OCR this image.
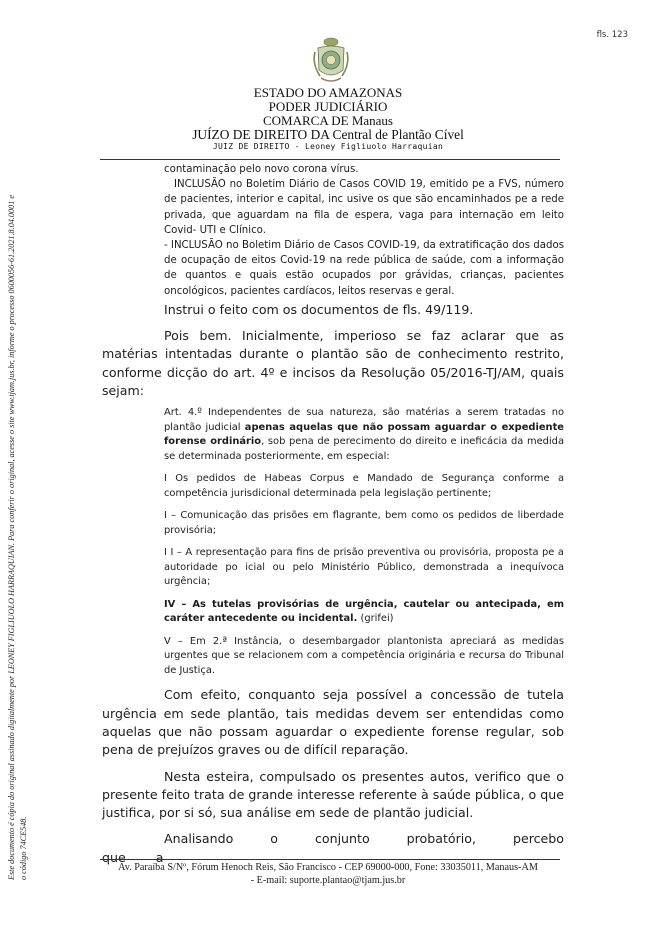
fls. 123
Este documento é cópia do original assinado digitalmente por LEONEY FIGLIUOLO HARRAQUIAN. Para conferir o original, acesse o site www.tjam.jus.br, informe o processo 0600056-61.2021.8.04.0001 e o código 74CE548.
ESTADO DO AMAZONAS
PODER JUDICIÁRIO
COMARCA DE Manaus
JUÍZO DE DIREITO DA Central de Plantão Cível
JUIZ DE DIREITO - Leoney Figliuolo Harraquian

contaminação pelo novo corona vírus.

INCLUSÃO no Boletim Diário de Casos COVID 19, emitido pe a FVS, número de pacientes, interior e capital, inc usive os que são encaminhados pe a rede privada, que aguardam na fila de espera, vaga para internação em leito Covid- UTI e Clínico.

- INCLUSÃO no Boletim Diário de Casos COVID-19, da extratificação dos dados de ocupação de eitos Covid-19 na rede pública de saúde, com a informação de quantos e quais estão ocupados por grávidas, crianças, pacientes oncológicos, pacientes cardíacos, leitos reservas e geral.

Instrui o feito com os documentos de fls. 49/119.

Pois bem. Inicialmente, imperioso se faz aclarar que as matérias intentadas durante o plantão são de conhecimento restrito, conforme dicção do art. 4º e incisos da Resolução 05/2016-TJ/AM, quais sejam:

Art. 4.º Independentes de sua natureza, são matérias a serem tratadas no plantão judicial apenas aquelas que não possam aguardar o expediente forense ordinário, sob pena de perecimento do direito e ineficácia da medida se determinada posteriormente, em especial:

I Os pedidos de Habeas Corpus e Mandado de Segurança conforme a competência jurisdicional determinada pela legislação pertinente;

I – Comunicação das prisões em flagrante, bem como os pedidos de liberdade provisória;

I I – A representação para fins de prisão preventiva ou provisória, proposta pe a autoridade po icial ou pelo Ministério Público, demonstrada a inequívoca urgência;

IV – As tutelas provisórias de urgência, cautelar ou antecipada, em caráter antecedente ou incidental. (grifei)

V – Em 2.ª Instância, o desembargador plantonista apreciará as medidas urgentes que se relacionem com a competência originária e recursa do Tribunal de Justiça.

Com efeito, conquanto seja possível a concessão de tutela urgência em sede plantão, tais medidas devem ser entendidas como aquelas que não possam aguardar o expediente forense regular, sob pena de prejuízos graves ou de difícil reparação.

Nesta esteira, compulsado os presentes autos, verifico que o presente feito trata de grande interesse referente à saúde pública, o que justifica, por si só, sua análise em sede de plantão judicial.

Analisando o conjunto probatório, percebo que a

Av. Paraíba S/Nº, Fórum Henoch Reis, São Francisco - CEP 69000-000, Fone: 33035011, Manaus-AM
- E-mail: suporte.plantao@tjam.jus.br
